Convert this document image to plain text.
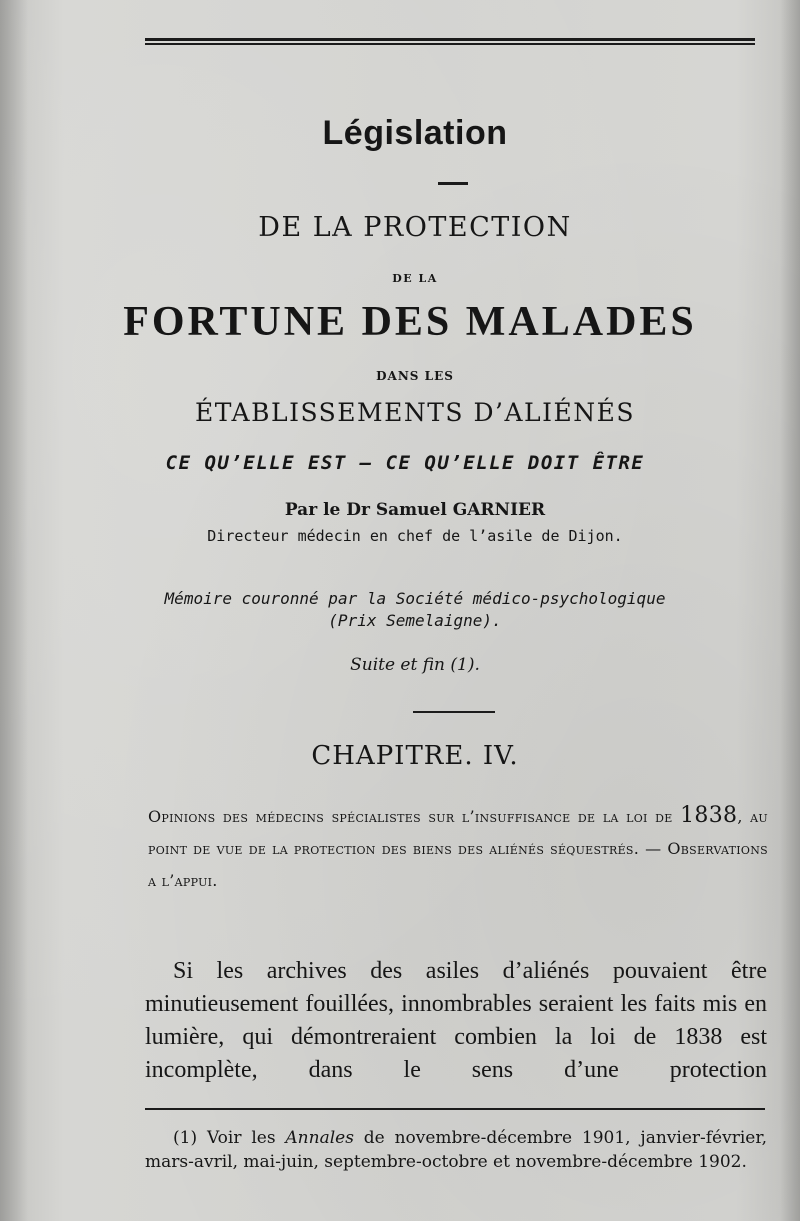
Législation
DE LA PROTECTION
DE LA
FORTUNE DES MALADES
DANS LES
ÉTABLISSEMENTS D’ALIÉNÉS
CE QU’ELLE EST — CE QU’ELLE DOIT ÊTRE
Par le Dr Samuel GARNIER
Directeur médecin en chef de l’asile de Dijon.
Mémoire couronné par la Société médico-psychologique
(Prix Semelaigne).
Suite et fin (1).
CHAPITRE. IV.
Opinions des médecins spécialistes sur l’insuffisance de la loi de 1838, au point de vue de la protection des biens des aliénés séquestrés. — Observations a l’appui.
Si les archives des asiles d’aliénés pouvaient être minutieusement fouillées, innombrables seraient les faits mis en lumière, qui démontreraient combien la loi de 1838 est incomplète, dans le sens d’une protection
(1) Voir les Annales de novembre-décembre 1901, janvier-février, mars-avril, mai-juin, septembre-octobre et novembre-décembre 1902.
